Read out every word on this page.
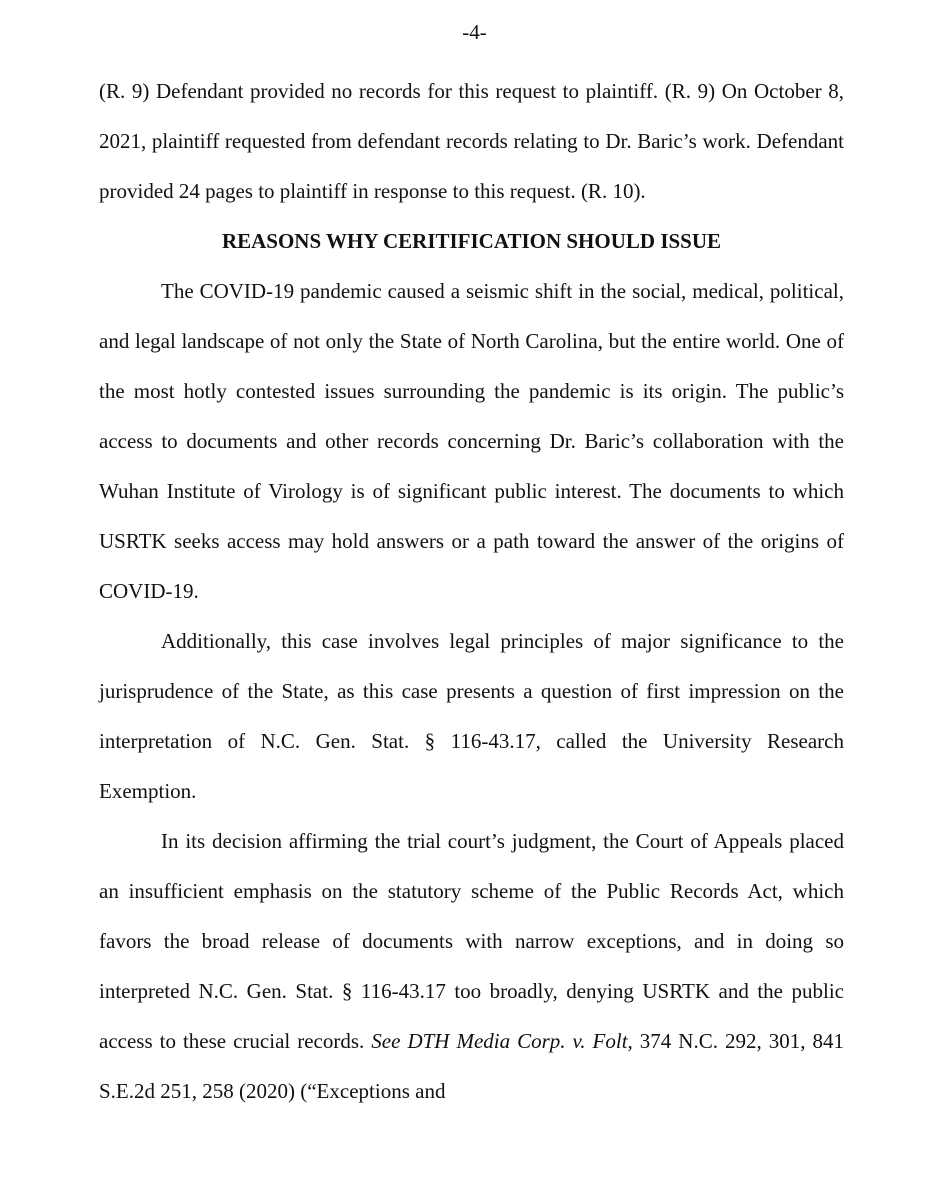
-4-

(R. 9) Defendant provided no records for this request to plaintiff. (R. 9) On October 8, 2021, plaintiff requested from defendant records relating to Dr. Baric’s work. Defendant provided 24 pages to plaintiff in response to this request. (R. 10).

REASONS WHY CERITIFICATION SHOULD ISSUE

The COVID-19 pandemic caused a seismic shift in the social, medical, political, and legal landscape of not only the State of North Carolina, but the entire world. One of the most hotly contested issues surrounding the pandemic is its origin. The public’s access to documents and other records concerning Dr. Baric’s collaboration with the Wuhan Institute of Virology is of significant public interest. The documents to which USRTK seeks access may hold answers or a path toward the answer of the origins of COVID-19.

Additionally, this case involves legal principles of major significance to the jurisprudence of the State, as this case presents a question of first impression on the interpretation of N.C. Gen. Stat. § 116-43.17, called the University Research Exemption.

In its decision affirming the trial court’s judgment, the Court of Appeals placed an insufficient emphasis on the statutory scheme of the Public Records Act, which favors the broad release of documents with narrow exceptions, and in doing so interpreted N.C. Gen. Stat. § 116-43.17 too broadly, denying USRTK and the public access to these crucial records. See DTH Media Corp. v. Folt, 374 N.C. 292, 301, 841 S.E.2d 251, 258 (2020) (“Exceptions and
